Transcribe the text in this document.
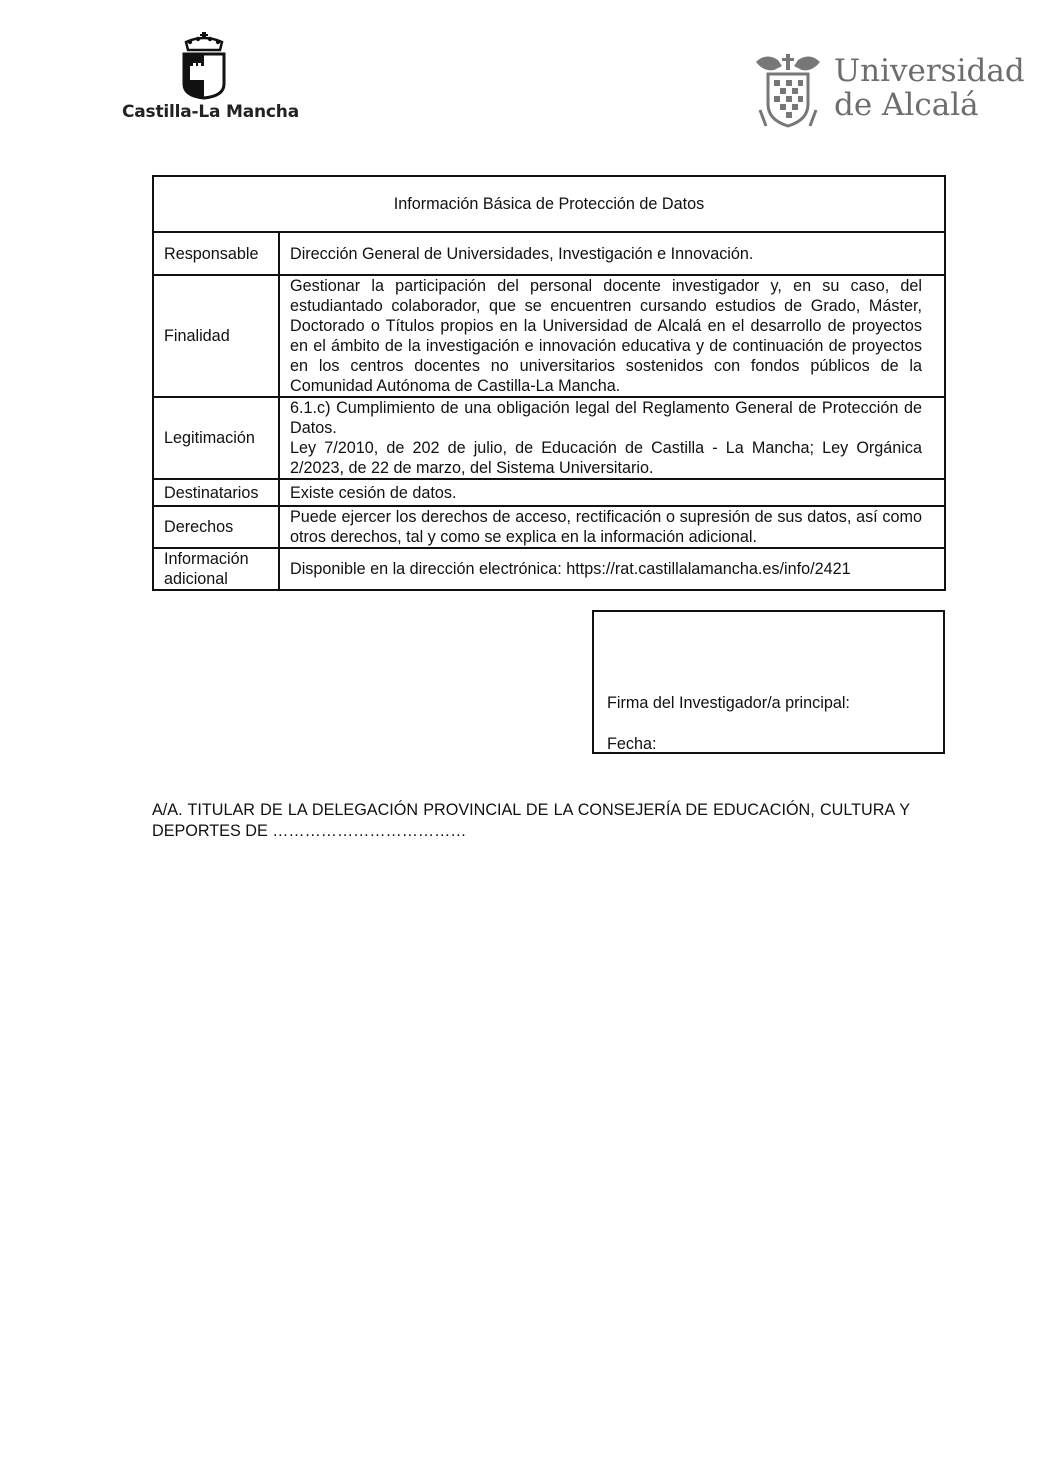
Castilla-La Mancha
Universidad
de Alcalá
Información Básica de Protección de Datos	
Responsable	Dirección General de Universidades, Investigación e Innovación.
Finalidad	Gestionar la participación del personal docente investigador y, en su caso, del estudiantado colaborador, que se encuentren cursando estudios de Grado, Máster, Doctorado o Títulos propios en la Universidad de Alcalá en el desarrollo de proyectos en el ámbito de la investigación e innovación educativa y de continuación de proyectos en los centros docentes no universitarios sostenidos con fondos públicos de la Comunidad Autónoma de Castilla-La Mancha.
Legitimación	6.1.c) Cumplimiento de una obligación legal del Reglamento General de Protección de Datos.
Ley 7/2010, de 202 de julio, de Educación de Castilla - La Mancha; Ley Orgánica 2/2023, de 22 de marzo, del Sistema Universitario.

Destinatarios	Existe cesión de datos.
Derechos	Puede ejercer los derechos de acceso, rectificación o supresión de sus datos, así como otros derechos, tal y como se explica en la información adicional.
Información adicional	Disponible en la dirección electrónica: https://rat.castillalamancha.es/info/2421
Firma del Investigador/a principal:
Fecha:
A/A. TITULAR DE LA DELEGACIÓN PROVINCIAL DE LA CONSEJERÍA DE EDUCACIÓN, CULTURA Y DEPORTES DE ………………………………
